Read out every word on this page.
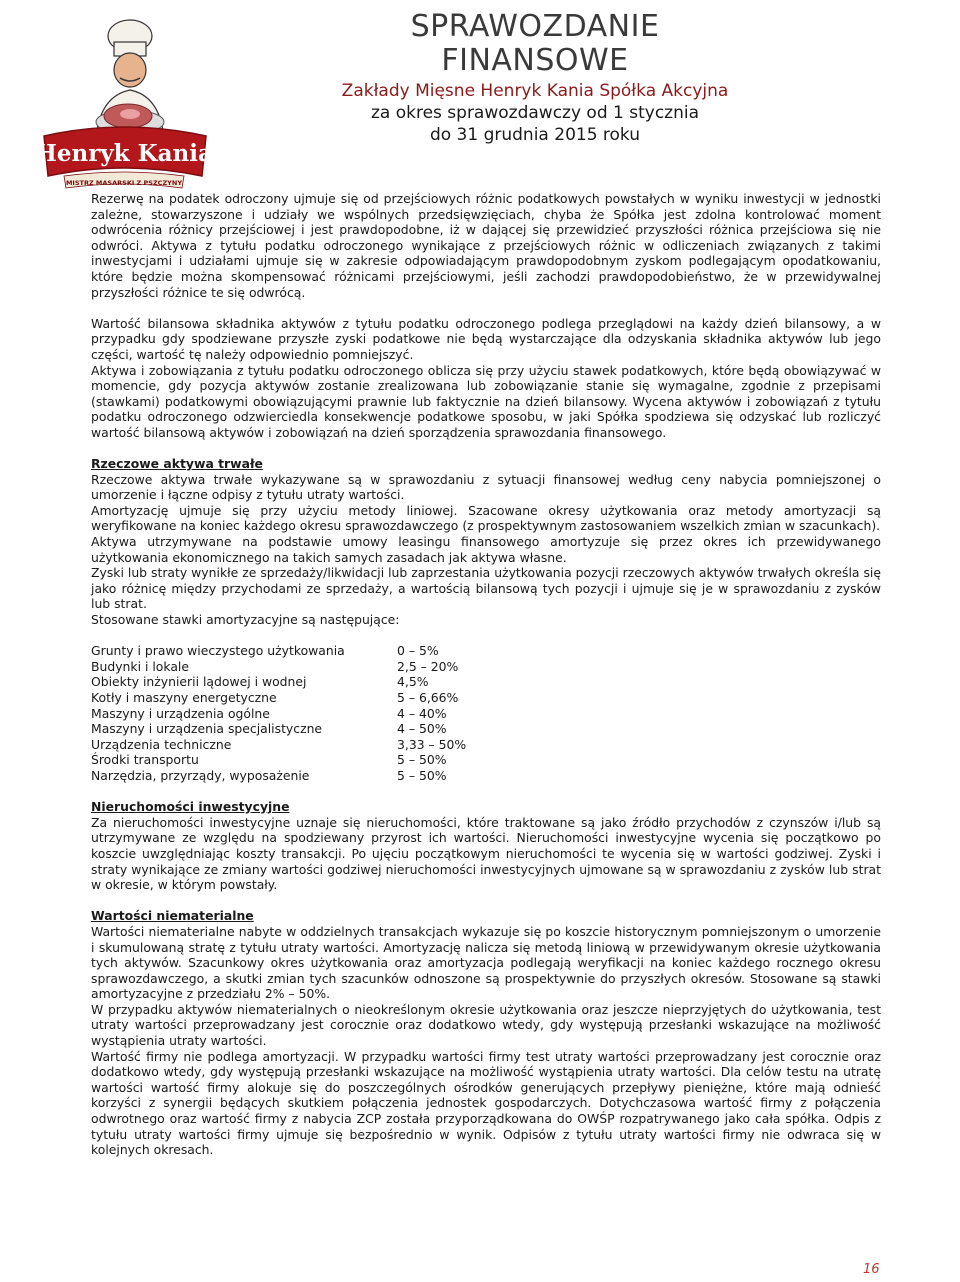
Henryk Kania
MISTRZ MASARSKI Z PSZCZYNY
SPRAWOZDANIE FINANSOWE
Zakłady Mięsne Henryk Kania Spółka Akcyjna
za okres sprawozdawczy od 1 stycznia
do 31 grudnia 2015 roku

Rezerwę na podatek odroczony ujmuje się od przejściowych różnic podatkowych powstałych w wyniku inwestycji w jednostki zależne, stowarzyszone i udziały we wspólnych przedsięwzięciach, chyba że Spółka jest zdolna kontrolować moment odwrócenia różnicy przejściowej i jest prawdopodobne, iż w dającej się przewidzieć przyszłości różnica przejściowa się nie odwróci. Aktywa z tytułu podatku odroczonego wynikające z przejściowych różnic w odliczeniach związanych z takimi inwestycjami i udziałami ujmuje się w zakresie odpowiadającym prawdopodobnym zyskom podlegającym opodatkowaniu, które będzie można skompensować różnicami przejściowymi, jeśli zachodzi prawdopodobieństwo, że w przewidywalnej przyszłości różnice te się odwrócą.

Wartość bilansowa składnika aktywów z tytułu podatku odroczonego podlega przeglądowi na każdy dzień bilansowy, a w przypadku gdy spodziewane przyszłe zyski podatkowe nie będą wystarczające dla odzyskania składnika aktywów lub jego części, wartość tę należy odpowiednio pomniejszyć.

Aktywa i zobowiązania z tytułu podatku odroczonego oblicza się przy użyciu stawek podatkowych, które będą obowiązywać w momencie, gdy pozycja aktywów zostanie zrealizowana lub zobowiązanie stanie się wymagalne, zgodnie z przepisami (stawkami) podatkowymi obowiązującymi prawnie lub faktycznie na dzień bilansowy. Wycena aktywów i zobowiązań z tytułu podatku odroczonego odzwierciedla konsekwencje podatkowe sposobu, w jaki Spółka spodziewa się odzyskać lub rozliczyć wartość bilansową aktywów i zobowiązań na dzień sporządzenia sprawozdania finansowego.

Rzeczowe aktywa trwałe

Rzeczowe aktywa trwałe wykazywane są w sprawozdaniu z sytuacji finansowej według ceny nabycia pomniejszonej o umorzenie i łączne odpisy z tytułu utraty wartości.

Amortyzację ujmuje się przy użyciu metody liniowej. Szacowane okresy użytkowania oraz metody amortyzacji są weryfikowane na koniec każdego okresu sprawozdawczego (z prospektywnym zastosowaniem wszelkich zmian w szacunkach).

Aktywa utrzymywane na podstawie umowy leasingu finansowego amortyzuje się przez okres ich przewidywanego użytkowania ekonomicznego na takich samych zasadach jak aktywa własne.

Zyski lub straty wynikłe ze sprzedaży/likwidacji lub zaprzestania użytkowania pozycji rzeczowych aktywów trwałych określa się jako różnicę między przychodami ze sprzedaży, a wartością bilansową tych pozycji i ujmuje się je w sprawozdaniu z zysków lub strat.

Stosowane stawki amortyzacyjne są następujące:

Grunty i prawo wieczystego użytkowania	0 – 5%
Budynki i lokale	2,5 – 20%
Obiekty inżynierii lądowej i wodnej	4,5%
Kotły i maszyny energetyczne	5 – 6,66%
Maszyny i urządzenia ogólne	4 – 40%
Maszyny i urządzenia specjalistyczne	4 – 50%
Urządzenia techniczne	3,33 – 50%
Środki transportu	5 – 50%
Narzędzia, przyrządy, wyposażenie	5 – 50%

Nieruchomości inwestycyjne

Za nieruchomości inwestycyjne uznaje się nieruchomości, które traktowane są jako źródło przychodów z czynszów i/lub są utrzymywane ze względu na spodziewany przyrost ich wartości. Nieruchomości inwestycyjne wycenia się początkowo po koszcie uwzględniając koszty transakcji. Po ujęciu początkowym nieruchomości te wycenia się w wartości godziwej. Zyski i straty wynikające ze zmiany wartości godziwej nieruchomości inwestycyjnych ujmowane są w sprawozdaniu z zysków lub strat w okresie, w którym powstały.

Wartości niematerialne

Wartości niematerialne nabyte w oddzielnych transakcjach wykazuje się po koszcie historycznym pomniejszonym o umorzenie i skumulowaną stratę z tytułu utraty wartości. Amortyzację nalicza się metodą liniową w przewidywanym okresie użytkowania tych aktywów. Szacunkowy okres użytkowania oraz amortyzacja podlegają weryfikacji na koniec każdego rocznego okresu sprawozdawczego, a skutki zmian tych szacunków odnoszone są prospektywnie do przyszłych okresów. Stosowane są stawki amortyzacyjne z przedziału 2% – 50%.

W przypadku aktywów niematerialnych o nieokreślonym okresie użytkowania oraz jeszcze nieprzyjętych do użytkowania, test utraty wartości przeprowadzany jest corocznie oraz dodatkowo wtedy, gdy występują przesłanki wskazujące na możliwość wystąpienia utraty wartości.

Wartość firmy nie podlega amortyzacji. W przypadku wartości firmy test utraty wartości przeprowadzany jest corocznie oraz dodatkowo wtedy, gdy występują przesłanki wskazujące na możliwość wystąpienia utraty wartości. Dla celów testu na utratę wartości wartość firmy alokuje się do poszczególnych ośrodków generujących przepływy pieniężne, które mają odnieść korzyści z synergii będących skutkiem połączenia jednostek gospodarczych. Dotychczasowa wartość firmy z połączenia odwrotnego oraz wartość firmy z nabycia ZCP została przyporządkowana do OWŚP rozpatrywanego jako cała spółka. Odpis z tytułu utraty wartości firmy ujmuje się bezpośrednio w wynik. Odpisów z tytułu utraty wartości firmy nie odwraca się w kolejnych okresach.

16
